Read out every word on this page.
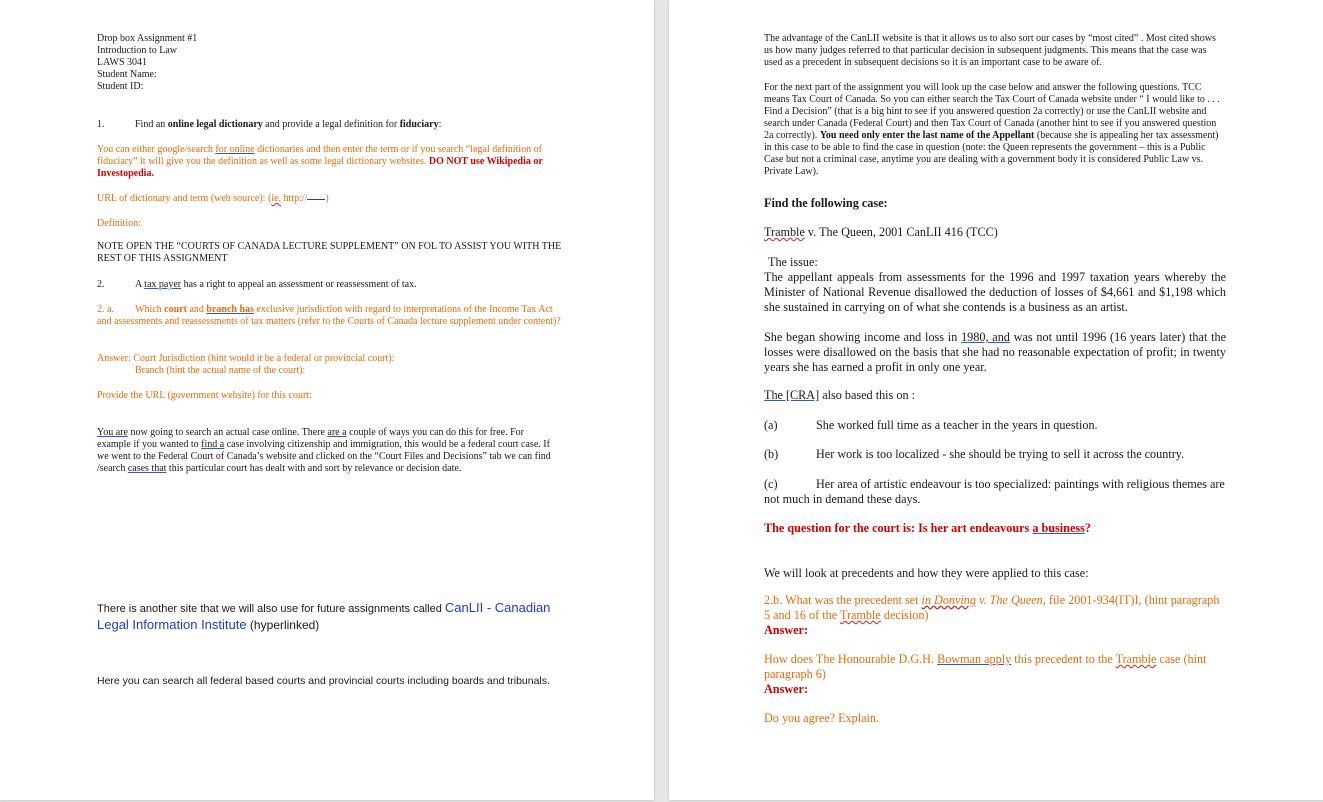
Drop box Assignment #1
Introduction to Law
LAWS 3041
Student Name:
Student ID:
1.	Find an online legal dictionary and provide a legal definition for fiduciary:
You can either google/search for online dictionaries and then enter the term or if you search “legal definition of fiduciary” it will give you the definition as well as some legal dictionary websites. DO NOT use Wikipedia or Investopedia.
URL of dictionary and term (web source): (ie. http:// )
Definition:
NOTE OPEN THE “COURTS OF CANADA LECTURE SUPPLEMENT” ON FOL TO ASSIST YOU WITH THE REST OF THIS ASSIGNMENT
2.	A tax payer has a right to appeal an assessment or reassessment of tax.
2. a. Which court and branch has exclusive jurisdiction with regard to interpretations of the Income Tax Act and assessments and reassessments of tax matters (refer to the Courts of Canada lecture supplement under content)?
Answer: Court Jurisdiction (hint would it be a federal or provincial court):
Branch (hint the actual name of the court):
Provide the URL (government website) for this court:
You are now going to search an actual case online. There are a couple of ways you can do this for free. For example if you wanted to find a case involving citizenship and immigration, this would be a federal court case. If we went to the Federal Court of Canada’s website and clicked on the “Court Files and Decisions” tab we can find /search cases that this particular court has dealt with and sort by relevance or decision date.
There is another site that we will also use for future assignments called CanLII - Canadian Legal Information Institute (hyperlinked)
Here you can search all federal based courts and provincial courts including boards and tribunals.
The advantage of the CanLII website is that it allows us to also sort our cases by “most cited” . Most cited shows us how many judges referred to that particular decision in subsequent judgments. This means that the case was used as a precedent in subsequent decisions so it is an important case to be aware of.
For the next part of the assignment you will look up the case below and answer the following questions. TCC means Tax Court of Canada. So you can either search the Tax Court of Canada website under “ I would like to . . . Find a Decision” (that is a big hint to see if you answered question 2a correctly) or use the CanLII website and search under Canada (Federal Court) and then Tax Court of Canada (another hint to see if you answered question 2a correctly). You need only enter the last name of the Appellant (because she is appealing her tax assessment) in this case to be able to find the case in question (note: the Queen represents the government – this is a Public Case but not a criminal case, anytime you are dealing with a government body it is considered Public Law vs. Private Law).
Find the following case:
Tramble v. The Queen, 2001 CanLII 416 (TCC)
The issue:
The appellant appeals from assessments for the 1996 and 1997 taxation years whereby the Minister of National Revenue disallowed the deduction of losses of $4,661 and $1,198 which she sustained in carrying on of what she contends is a business as an artist.
She began showing income and loss in 1980, and was not until 1996 (16 years later) that the losses were disallowed on the basis that she had no reasonable expectation of profit; in twenty years she has earned a profit in only one year.
The [CRA] also based this on :
(a)	She worked full time as a teacher in the years in question.
(b)	Her work is too localized - she should be trying to sell it across the country.
(c)	Her area of artistic endeavour is too specialized: paintings with religious themes are not much in demand these days.
The question for the court is: Is her art endeavours a business?
We will look at precedents and how they were applied to this case:
2.b. What was the precedent set in Donving v. The Queen, file 2001-934(IT)I, (hint paragraph 5 and 16 of the Tramble decision)
Answer:
How does The Honourable D.G.H. Bowman apply this precedent to the Tramble case (hint paragraph 6)
Answer:
Do you agree? Explain.
